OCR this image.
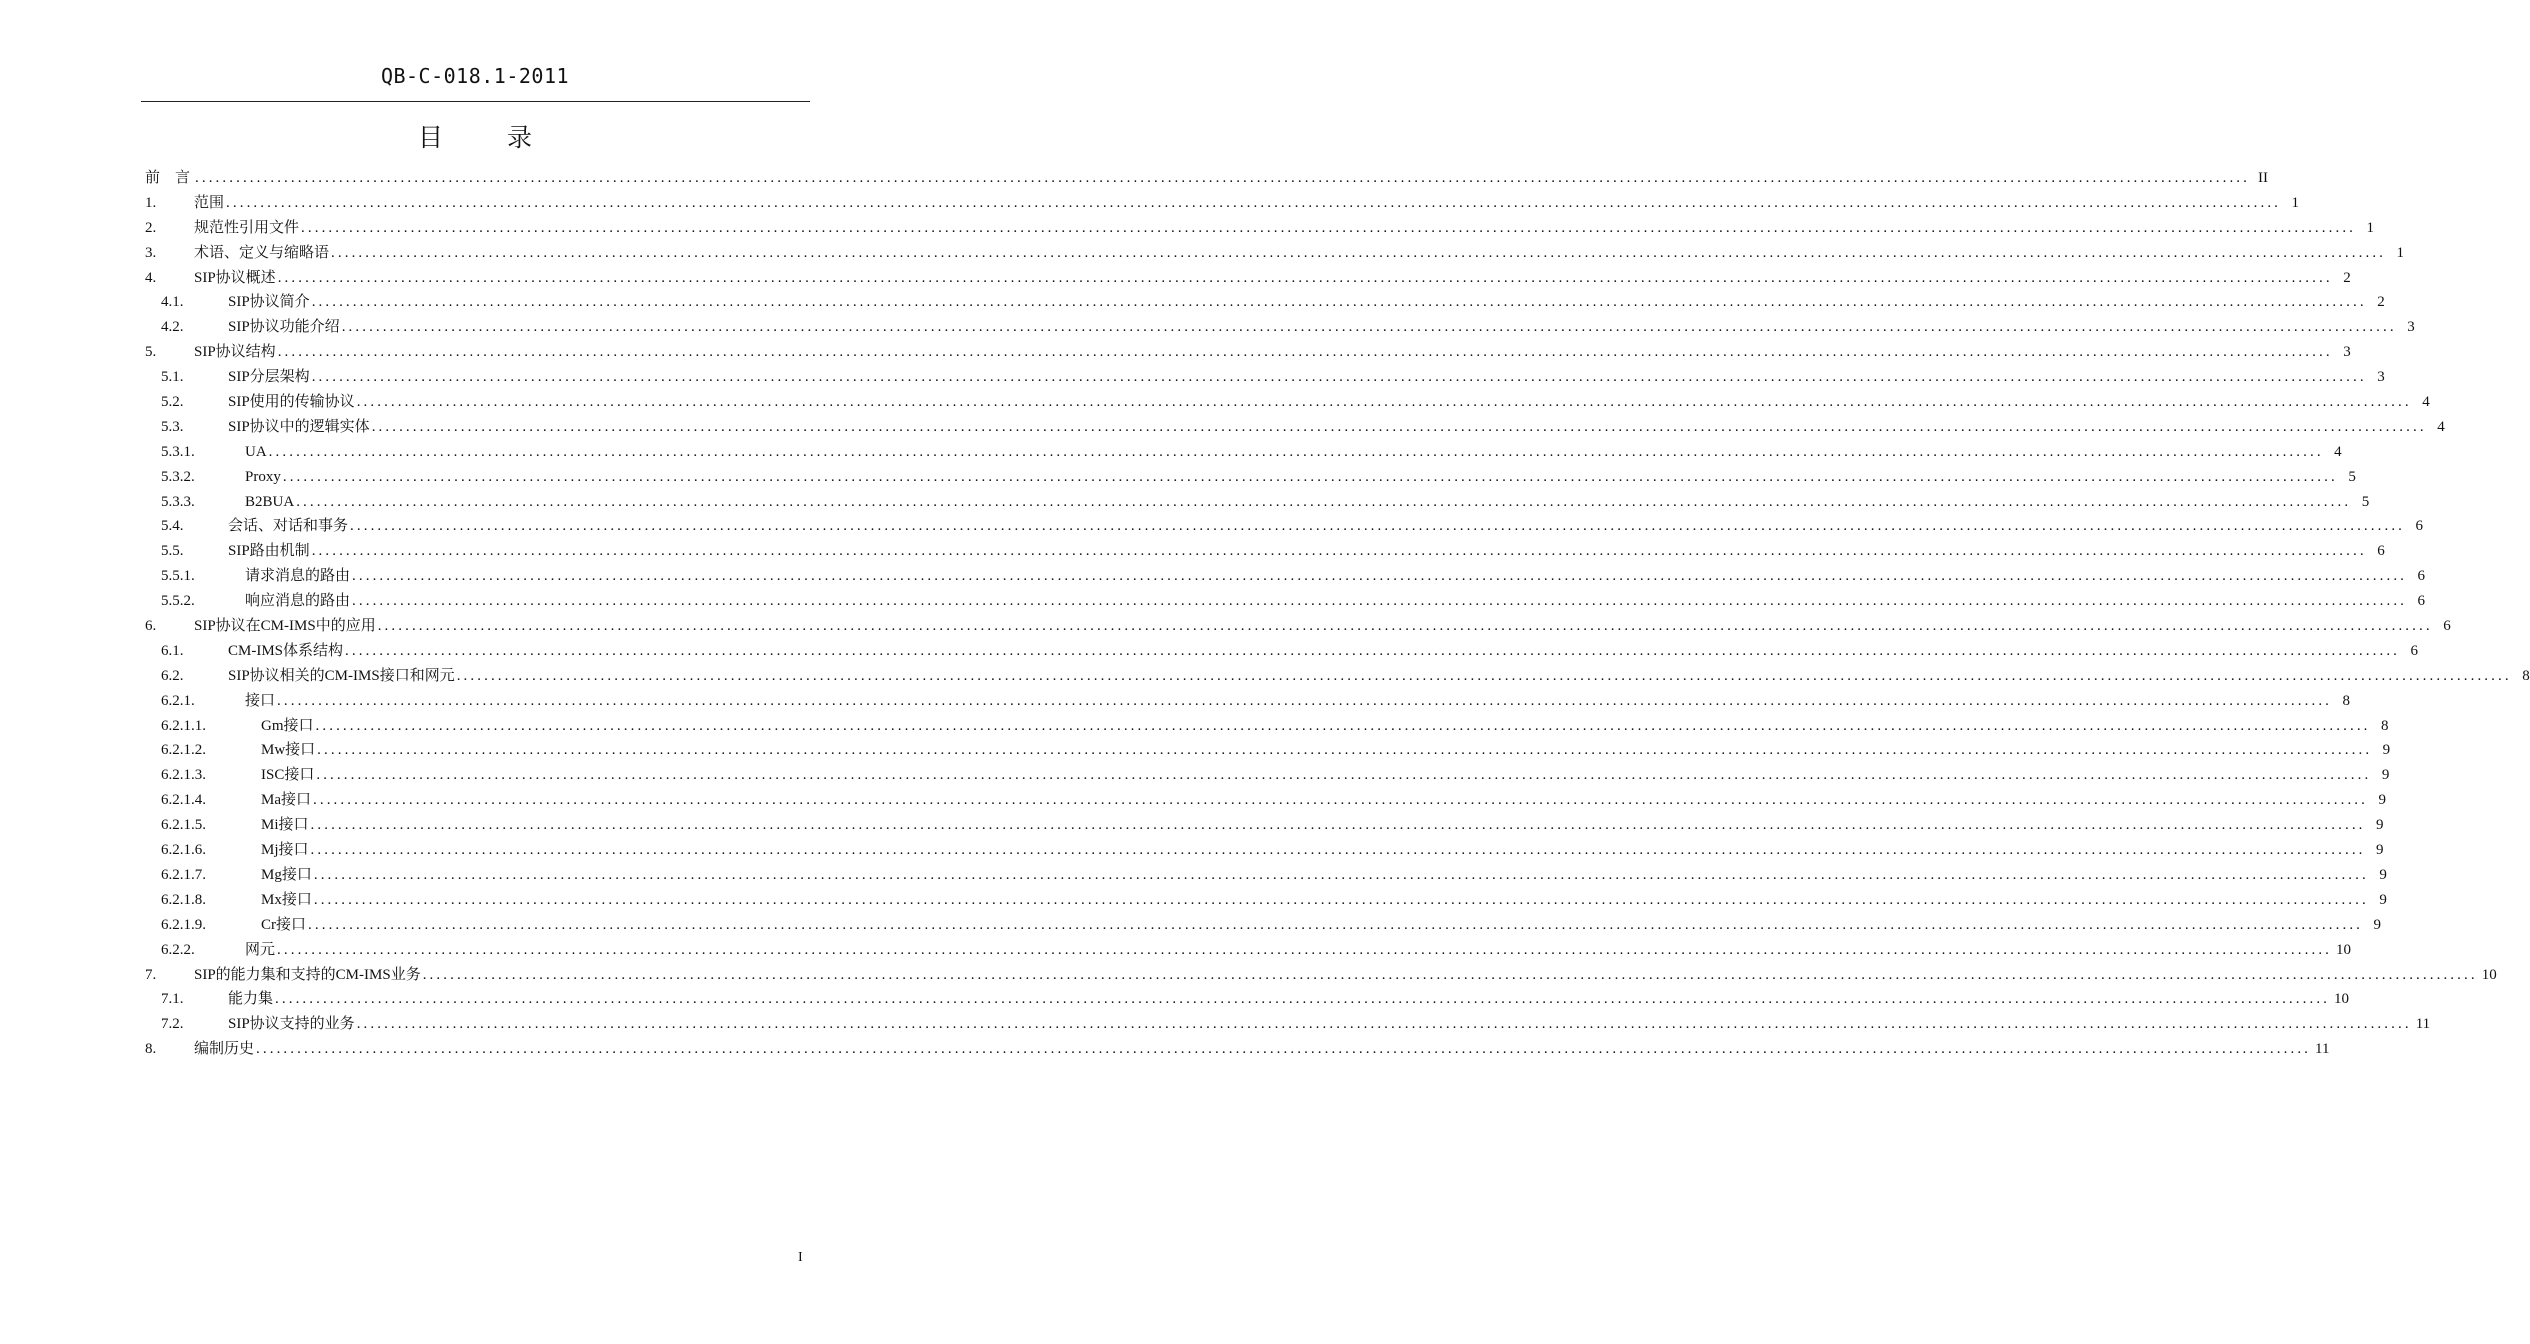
QB-C-018.1-2011
目 录
前　言 ............................................................................................................................................................................................................................................................................................................ II
1.	范围 ............................................................................................................................................................................................................................................................................................................ 1
2.	规范性引用文件 ............................................................................................................................................................................................................................................................................................................ 1
3.	术语、定义与缩略语 ............................................................................................................................................................................................................................................................................................................ 1
4.	SIP协议概述 ............................................................................................................................................................................................................................................................................................................ 2
4.1.	SIP协议简介 ............................................................................................................................................................................................................................................................................................................ 2
4.2.	SIP协议功能介绍 ............................................................................................................................................................................................................................................................................................................ 3
5.	SIP协议结构 ............................................................................................................................................................................................................................................................................................................ 3
5.1.	SIP分层架构 ............................................................................................................................................................................................................................................................................................................ 3
5.2.	SIP使用的传输协议 ............................................................................................................................................................................................................................................................................................................ 4
5.3.	SIP协议中的逻辑实体 ............................................................................................................................................................................................................................................................................................................ 4
5.3.1.	UA ............................................................................................................................................................................................................................................................................................................ 4
5.3.2.	Proxy ............................................................................................................................................................................................................................................................................................................ 5
5.3.3.	B2BUA ............................................................................................................................................................................................................................................................................................................ 5
5.4.	会话、对话和事务 ............................................................................................................................................................................................................................................................................................................ 6
5.5.	SIP路由机制 ............................................................................................................................................................................................................................................................................................................ 6
5.5.1.	请求消息的路由 ............................................................................................................................................................................................................................................................................................................ 6
5.5.2.	响应消息的路由 ............................................................................................................................................................................................................................................................................................................ 6
6.	SIP协议在CM-IMS中的应用 ............................................................................................................................................................................................................................................................................................................ 6
6.1.	CM-IMS体系结构 ............................................................................................................................................................................................................................................................................................................ 6
6.2.	SIP协议相关的CM-IMS接口和网元 ............................................................................................................................................................................................................................................................................................................ 8
6.2.1.	接口 ............................................................................................................................................................................................................................................................................................................ 8
6.2.1.1.	Gm接口 ............................................................................................................................................................................................................................................................................................................ 8
6.2.1.2.	Mw接口 ............................................................................................................................................................................................................................................................................................................ 9
6.2.1.3.	ISC接口 ............................................................................................................................................................................................................................................................................................................ 9
6.2.1.4.	Ma接口 ............................................................................................................................................................................................................................................................................................................ 9
6.2.1.5.	Mi接口 ............................................................................................................................................................................................................................................................................................................ 9
6.2.1.6.	Mj接口 ............................................................................................................................................................................................................................................................................................................ 9
6.2.1.7.	Mg接口 ............................................................................................................................................................................................................................................................................................................ 9
6.2.1.8.	Mx接口 ............................................................................................................................................................................................................................................................................................................ 9
6.2.1.9.	Cr接口 ............................................................................................................................................................................................................................................................................................................ 9
6.2.2.	网元 ............................................................................................................................................................................................................................................................................................................ 10
7.	SIP的能力集和支持的CM-IMS业务 ............................................................................................................................................................................................................................................................................................................ 10
7.1.	能力集 ............................................................................................................................................................................................................................................................................................................ 10
7.2.	SIP协议支持的业务 ............................................................................................................................................................................................................................................................................................................ 11
8.	编制历史 ............................................................................................................................................................................................................................................................................................................ 11
I
